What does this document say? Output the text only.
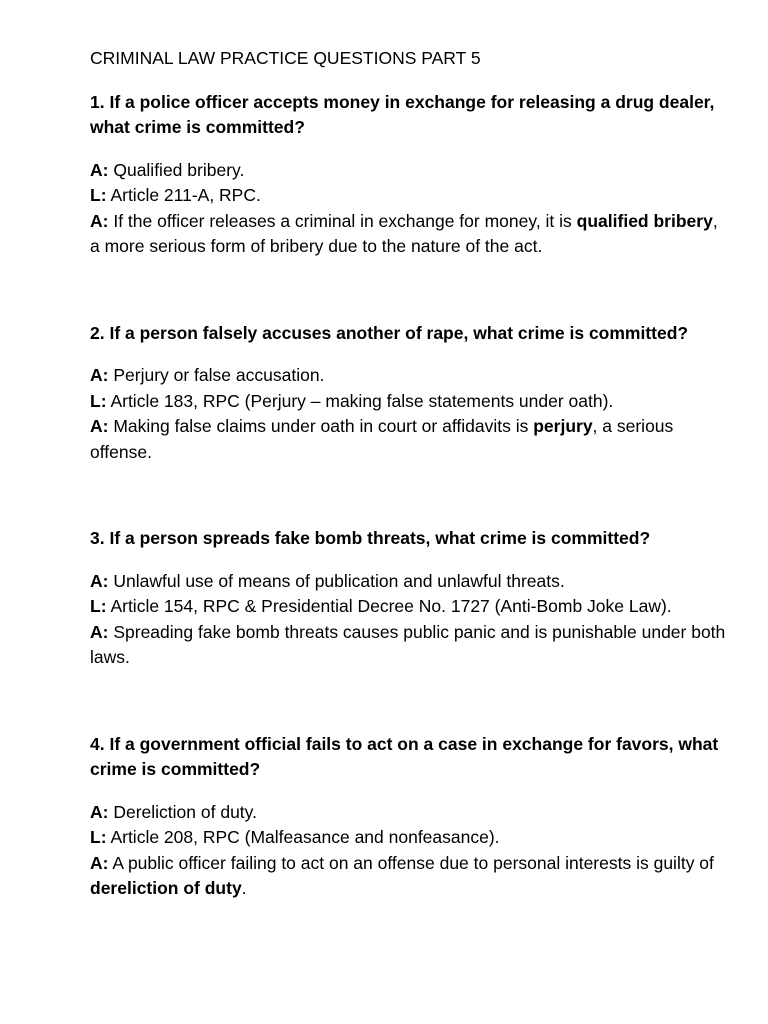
CRIMINAL LAW PRACTICE QUESTIONS PART 5
1. If a police officer accepts money in exchange for releasing a drug dealer, what crime is committed?
A: Qualified bribery.
L: Article 211-A, RPC.
A: If the officer releases a criminal in exchange for money, it is qualified bribery, a more serious form of bribery due to the nature of the act.
2. If a person falsely accuses another of rape, what crime is committed?
A: Perjury or false accusation.
L: Article 183, RPC (Perjury – making false statements under oath).
A: Making false claims under oath in court or affidavits is perjury, a serious offense.
3. If a person spreads fake bomb threats, what crime is committed?
A: Unlawful use of means of publication and unlawful threats.
L: Article 154, RPC & Presidential Decree No. 1727 (Anti-Bomb Joke Law).
A: Spreading fake bomb threats causes public panic and is punishable under both laws.
4. If a government official fails to act on a case in exchange for favors, what crime is committed?
A: Dereliction of duty.
L: Article 208, RPC (Malfeasance and nonfeasance).
A: A public officer failing to act on an offense due to personal interests is guilty of dereliction of duty.
